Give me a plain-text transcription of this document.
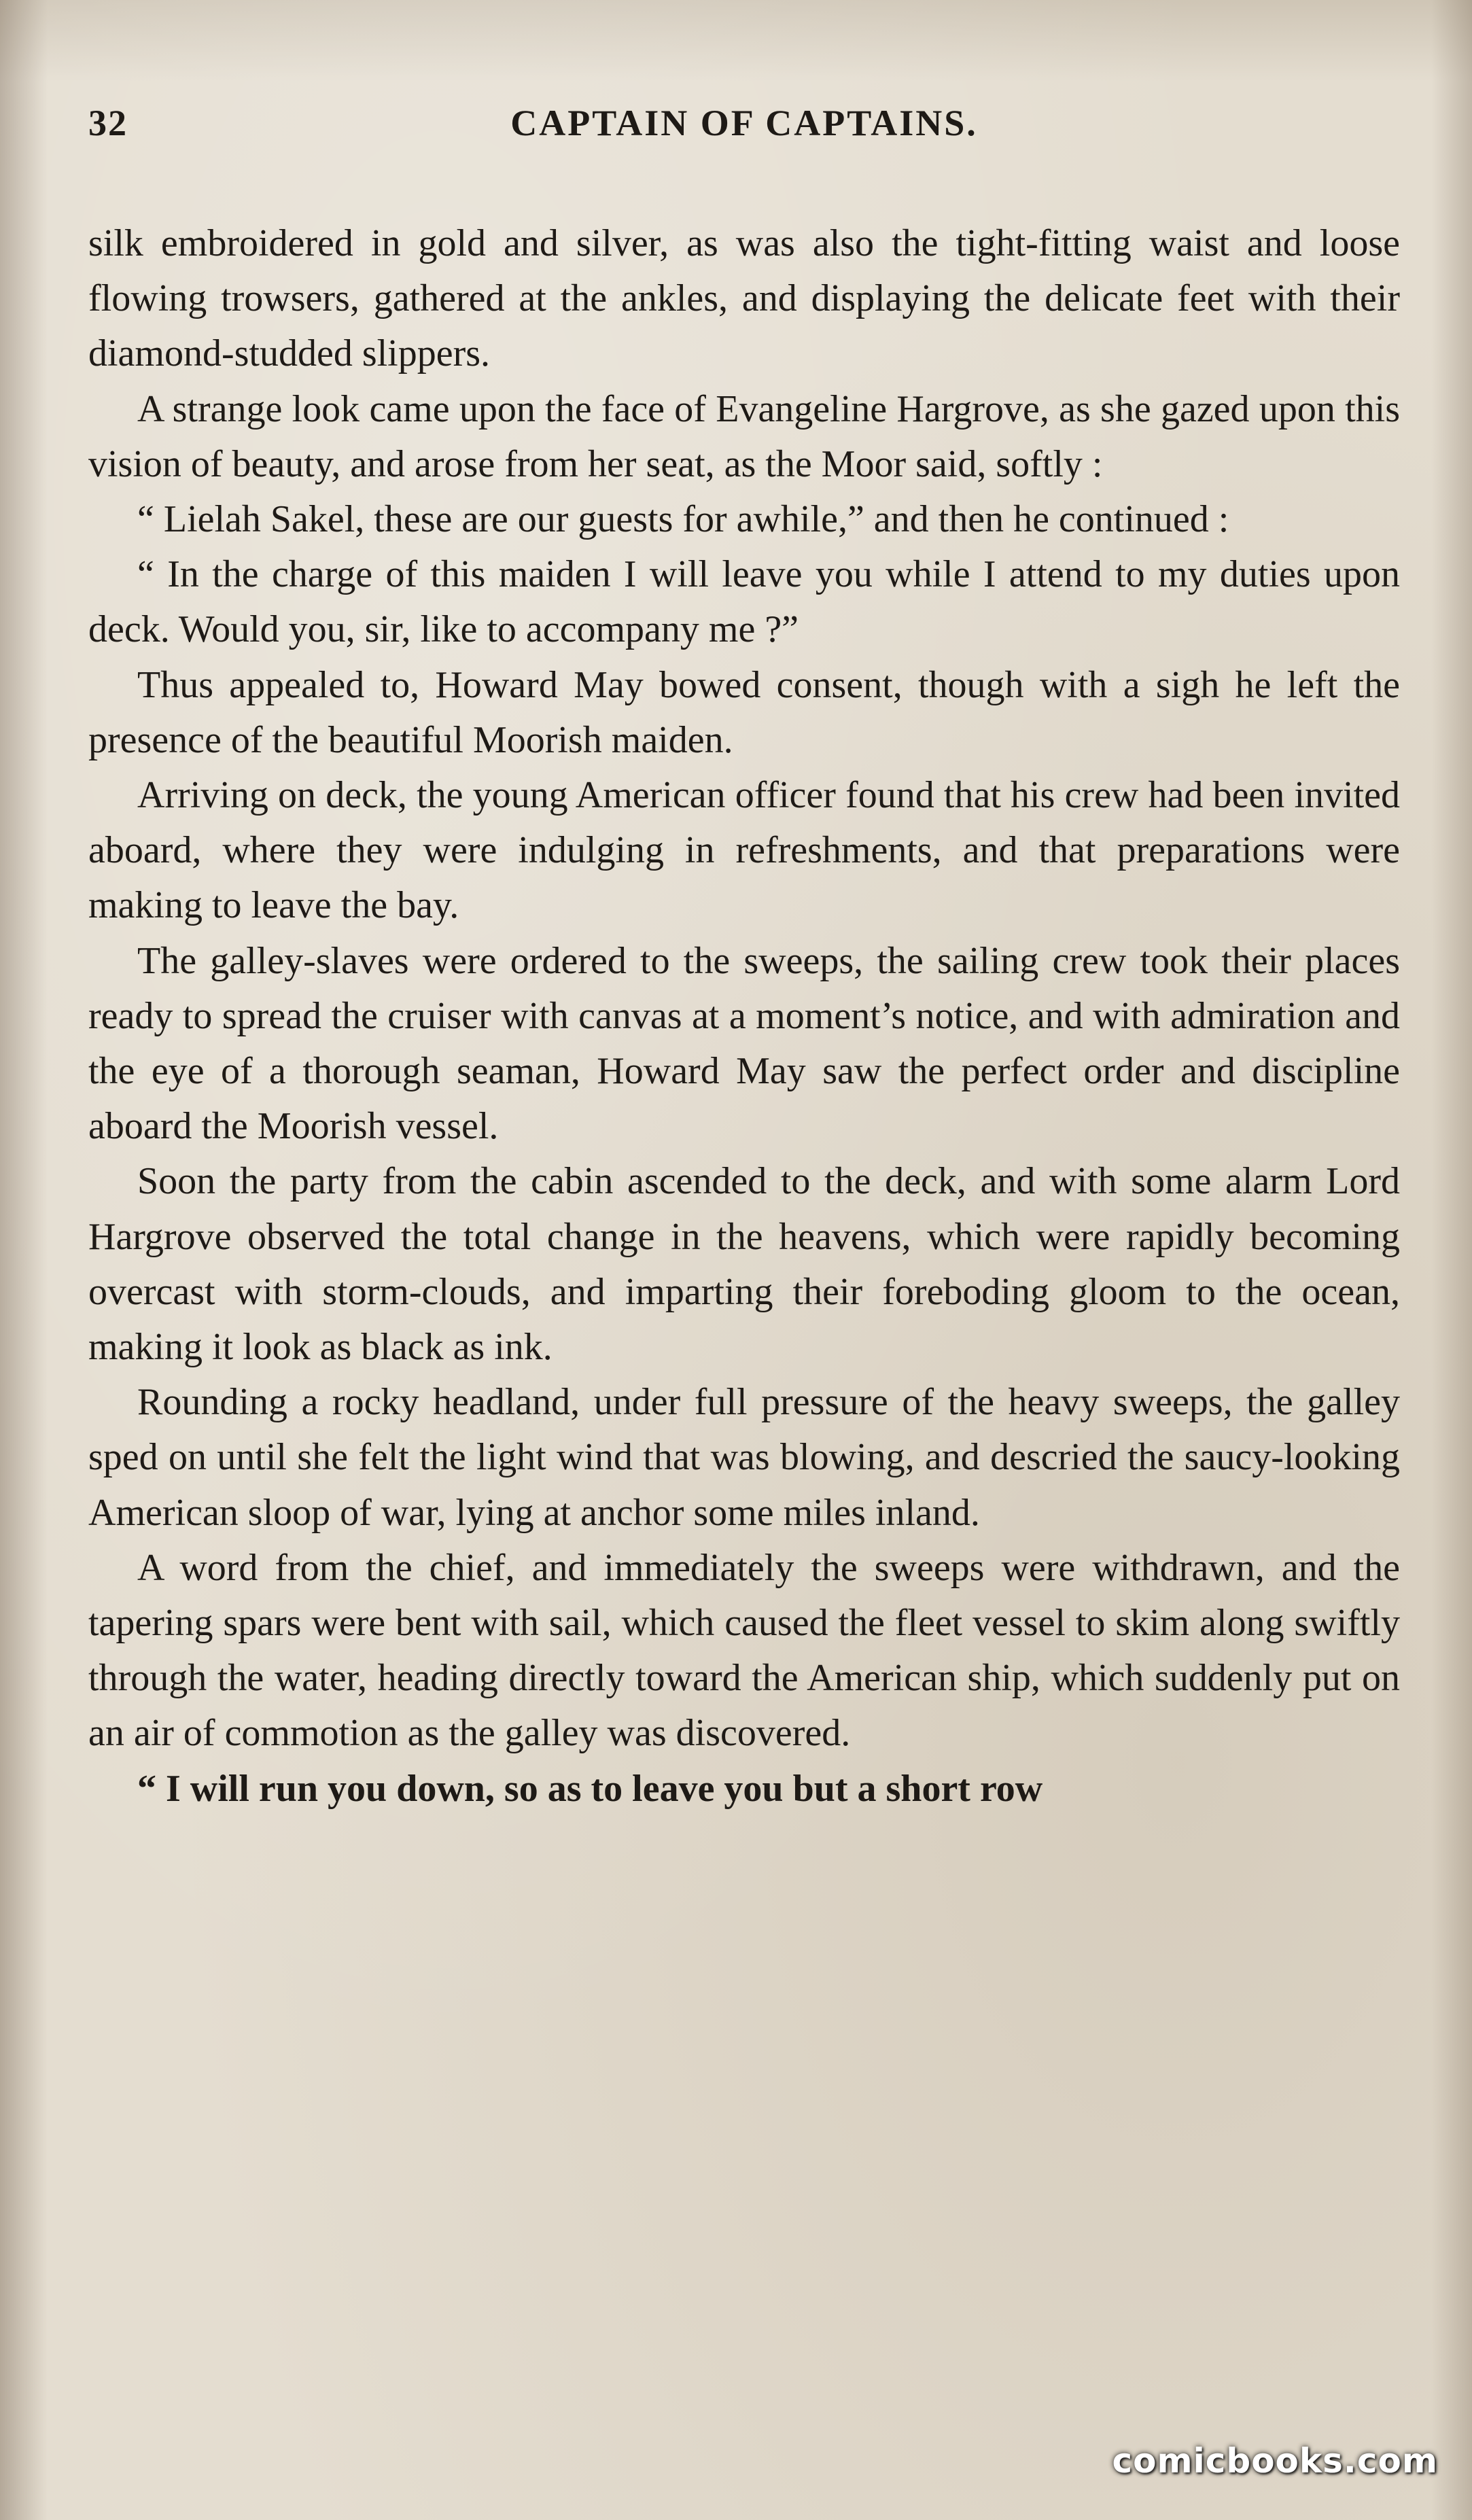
32	CAPTAIN OF CAPTAINS.

silk embroidered in gold and silver, as was also the tight-fitting waist and loose flowing trowsers, gathered at the ankles, and displaying the delicate feet with their diamond-studded slippers.

A strange look came upon the face of Evangeline Hargrove, as she gazed upon this vision of beauty, and arose from her seat, as the Moor said, softly :

“ Lielah Sakel, these are our guests for awhile,” and then he continued :

“ In the charge of this maiden I will leave you while I attend to my duties upon deck. Would you, sir, like to accompany me ?”

Thus appealed to, Howard May bowed consent, though with a sigh he left the presence of the beautiful Moorish maiden.

Arriving on deck, the young American officer found that his crew had been invited aboard, where they were indulging in refreshments, and that preparations were making to leave the bay.

The galley-slaves were ordered to the sweeps, the sailing crew took their places ready to spread the cruiser with canvas at a moment’s notice, and with admiration and the eye of a thorough seaman, Howard May saw the perfect order and discipline aboard the Moorish vessel.

Soon the party from the cabin ascended to the deck, and with some alarm Lord Hargrove observed the total change in the heavens, which were rapidly becoming overcast with storm-clouds, and imparting their foreboding gloom to the ocean, making it look as black as ink.

Rounding a rocky headland, under full pressure of the heavy sweeps, the galley sped on until she felt the light wind that was blowing, and descried the saucy-looking American sloop of war, lying at anchor some miles inland.

A word from the chief, and immediately the sweeps were withdrawn, and the tapering spars were bent with sail, which caused the fleet vessel to skim along swiftly through the water, heading directly toward the American ship, which suddenly put on an air of commotion as the galley was discovered.

“ I will run you down, so as to leave you but a short row

comicbooks.com
